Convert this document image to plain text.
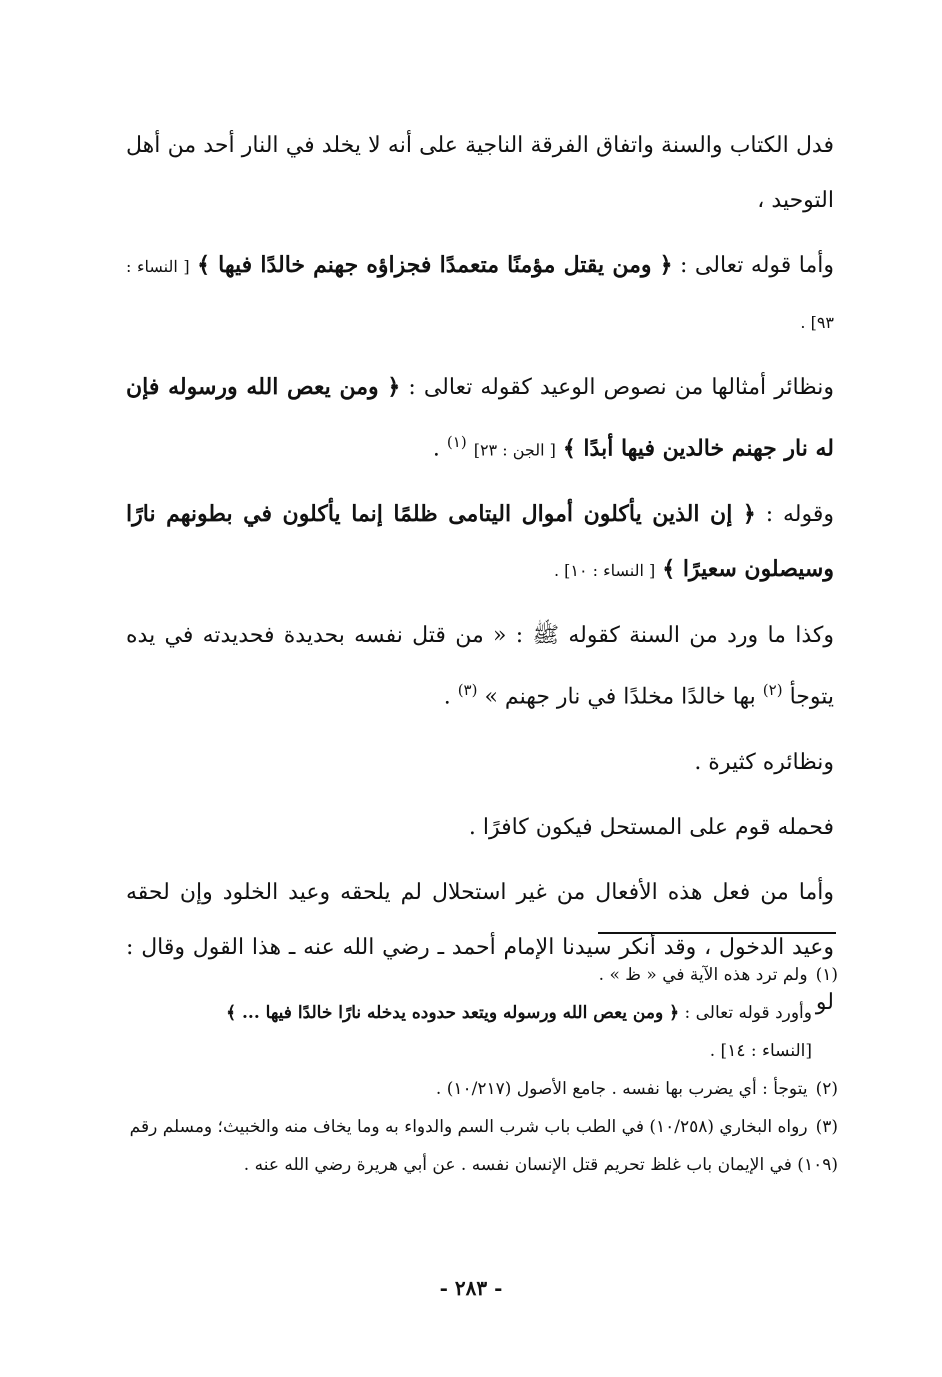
فدل الكتاب والسنة واتفاق الفرقة الناجية على أنه لا يخلد في النار أحد من أهل التوحيد ،

وأما قوله تعالى : ﴿ ومن يقتل مؤمنًا متعمدًا فجزاؤه جهنم خالدًا فيها ﴾ [ النساء : ٩٣] .

ونظائر أمثالها من نصوص الوعيد كقوله تعالى : ﴿ ومن يعص الله ورسوله فإن له نار جهنم خالدين فيها أبدًا ﴾ [ الجن : ٢٣] $^{(١)}$ .

وقوله : ﴿ إن الذين يأكلون أموال اليتامى ظلمًا إنما يأكلون في بطونهم نارًا وسيصلون سعيرًا ﴾ [ النساء : ١٠] .

وكذا ما ورد من السنة كقوله ﷺ : « من قتل نفسه بحديدة فحديدته في يده يتوجأ $^{(٢)}$ بها خالدًا مخلدًا في نار جهنم » $^{(٣)}$ .

ونظائره كثيرة .

فحمله قوم على المستحل فيكون كافرًا .

وأما من فعل هذه الأفعال من غير استحلال لم يلحقه وعيد الخلود وإن لحقه وعيد الدخول ، وقد أنكر سيدنا الإمام أحمد ـ رضي الله عنه ـ هذا القول وقال : لو

(١)ولم ترد هذه الآية في « ظ » .

وأورد قوله تعالى : ﴿ ومن يعص الله ورسوله ويتعد حدوده يدخله نارًا خالدًا فيها ... ﴾

[النساء : ١٤] .

(٢)يتوجأ : أي يضرب بها نفسه . جامع الأصول (١٠/٢١٧) .

(٣)رواه البخاري (١٠/٢٥٨) في الطب باب شرب السم والدواء به وما يخاف منه والخبيث؛ ومسلم رقم (١٠٩) في الإيمان باب غلظ تحريم قتل الإنسان نفسه . عن أبي هريرة رضي الله عنه .

- ٢٨٣ -
